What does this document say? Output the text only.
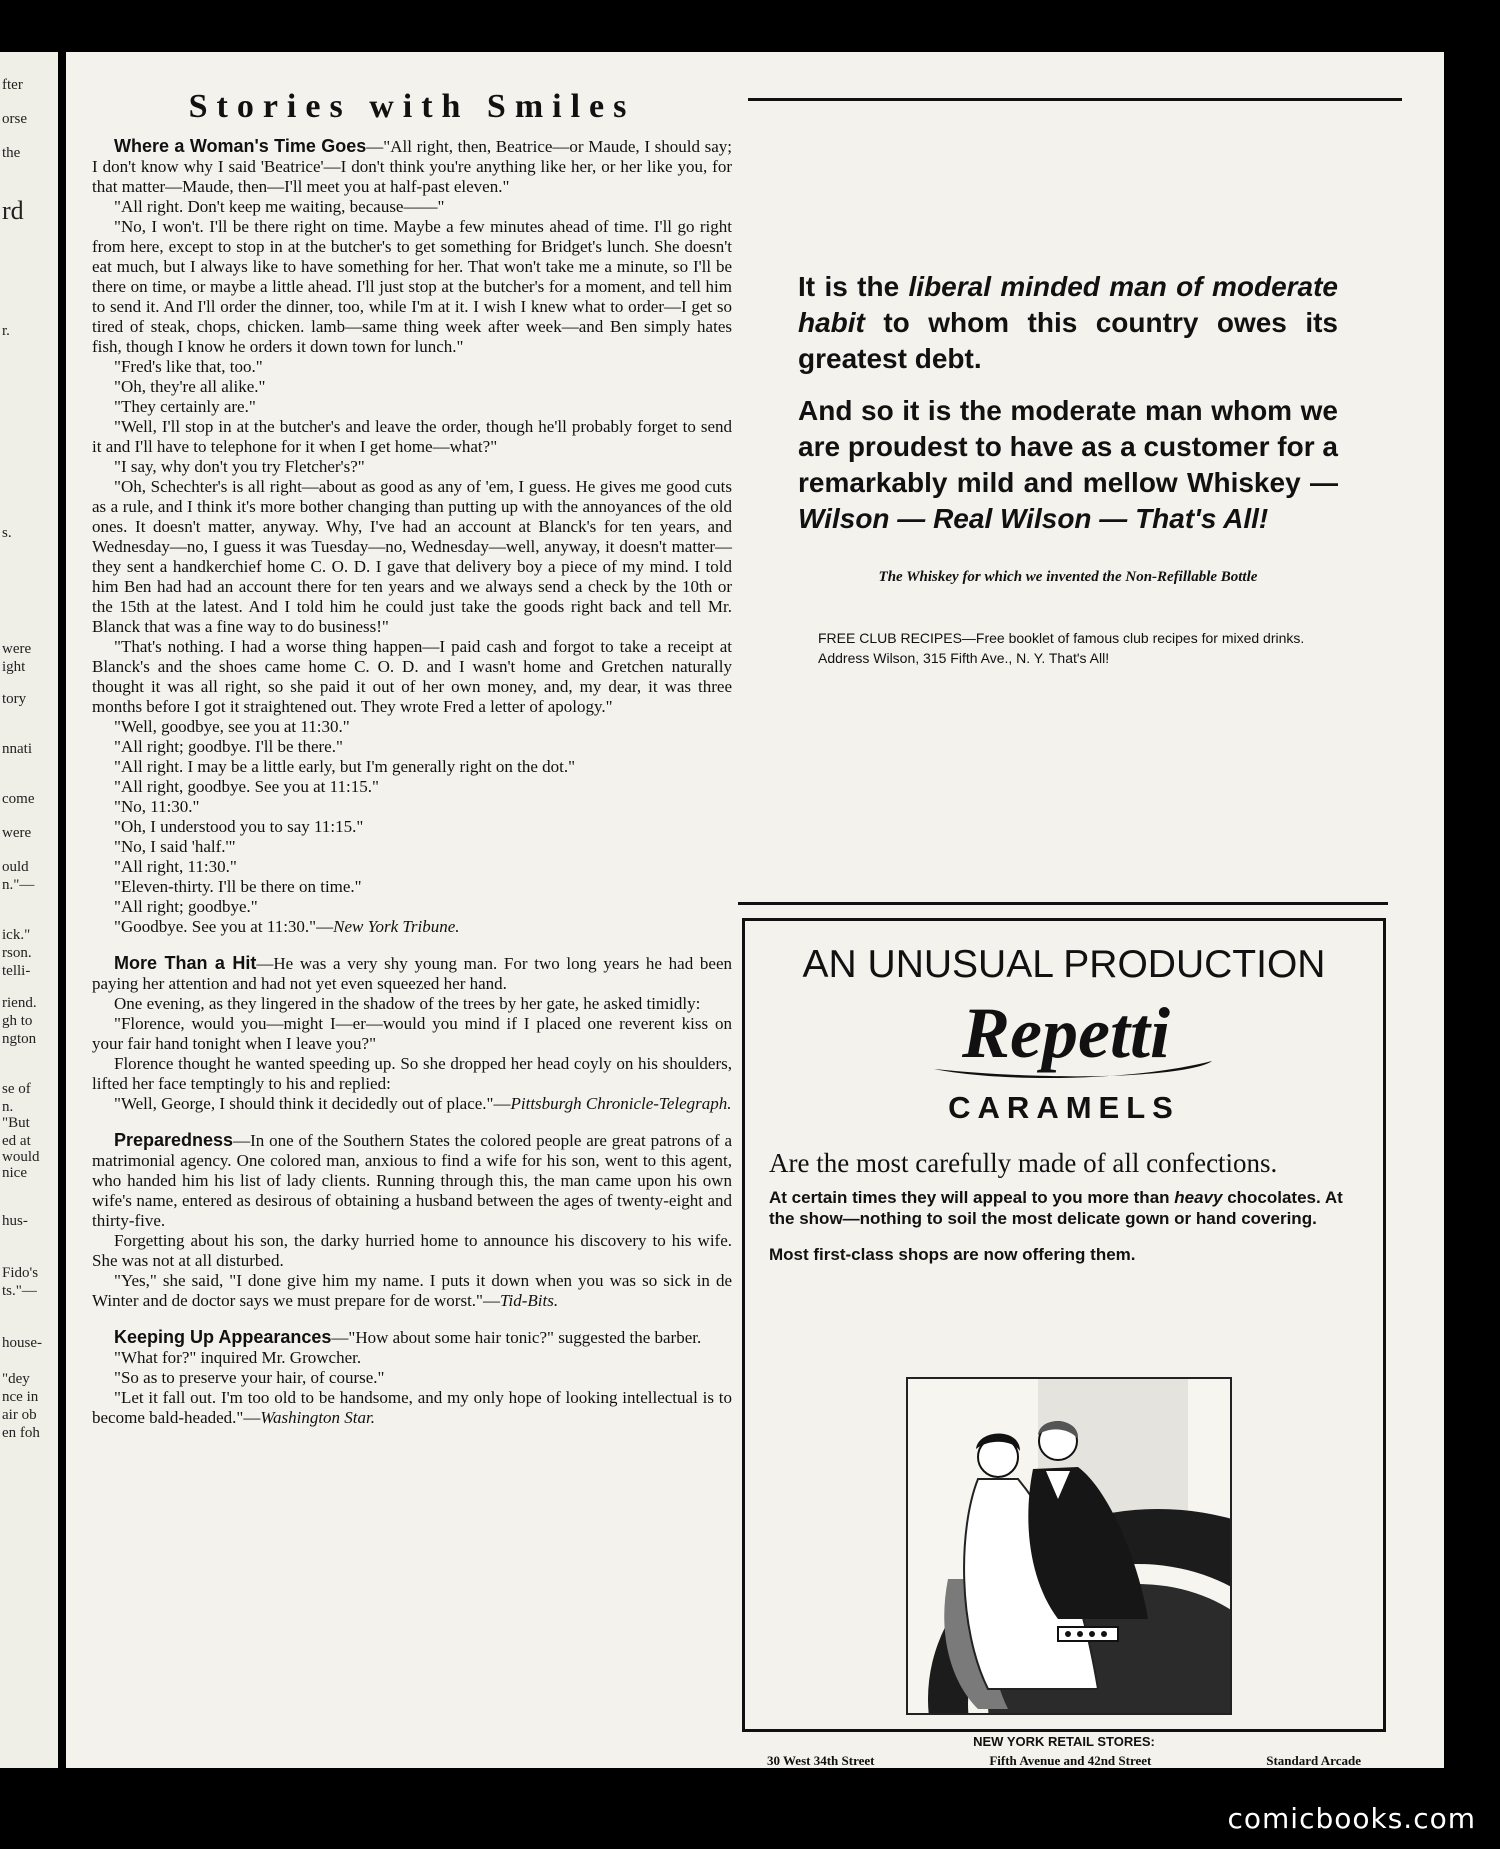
fter
orse
the
rd
r.
s.
were
ight
tory
nnati
come
were
ould
n."—
ick."
rson.
telli-
riend.
gh to
ngton
se of
n.
"But
ed at
would
nice
hus-
Fido's
ts."—
house-
"dey
nce in
air ob
en foh
Stories with Smiles

Where a Woman's Time Goes—"All right, then, Beatrice—or Maude, I should say; I don't know why I said 'Beatrice'—I don't think you're anything like her, or her like you, for that matter—Maude, then—I'll meet you at half-past eleven."

"All right. Don't keep me waiting, because——"

"No, I won't. I'll be there right on time. Maybe a few minutes ahead of time. I'll go right from here, except to stop in at the butcher's to get something for Bridget's lunch. She doesn't eat much, but I always like to have something for her. That won't take me a minute, so I'll be there on time, or maybe a little ahead. I'll just stop at the butcher's for a moment, and tell him to send it. And I'll order the dinner, too, while I'm at it. I wish I knew what to order—I get so tired of steak, chops, chicken. lamb—same thing week after week—and Ben simply hates fish, though I know he orders it down town for lunch."

"Fred's like that, too."

"Oh, they're all alike."

"They certainly are."

"Well, I'll stop in at the butcher's and leave the order, though he'll probably forget to send it and I'll have to telephone for it when I get home—what?"

"I say, why don't you try Fletcher's?"

"Oh, Schechter's is all right—about as good as any of 'em, I guess. He gives me good cuts as a rule, and I think it's more bother changing than putting up with the annoyances of the old ones. It doesn't matter, anyway. Why, I've had an account at Blanck's for ten years, and Wednesday—no, I guess it was Tuesday—no, Wednesday—well, anyway, it doesn't matter—they sent a handkerchief home C. O. D. I gave that delivery boy a piece of my mind. I told him Ben had had an account there for ten years and we always send a check by the 10th or the 15th at the latest. And I told him he could just take the goods right back and tell Mr. Blanck that was a fine way to do business!"

"That's nothing. I had a worse thing happen—I paid cash and forgot to take a receipt at Blanck's and the shoes came home C. O. D. and I wasn't home and Gretchen naturally thought it was all right, so she paid it out of her own money, and, my dear, it was three months before I got it straightened out. They wrote Fred a letter of apology."

"Well, goodbye, see you at 11:30."

"All right; goodbye. I'll be there."

"All right. I may be a little early, but I'm generally right on the dot."

"All right, goodbye. See you at 11:15."

"No, 11:30."

"Oh, I understood you to say 11:15."

"No, I said 'half.'"

"All right, 11:30."

"Eleven-thirty. I'll be there on time."

"All right; goodbye."

"Goodbye. See you at 11:30."—New York Tribune.

More Than a Hit—He was a very shy young man. For two long years he had been paying her attention and had not yet even squeezed her hand.

One evening, as they lingered in the shadow of the trees by her gate, he asked timidly:

"Florence, would you—might I—er—would you mind if I placed one reverent kiss on your fair hand tonight when I leave you?"

Florence thought he wanted speeding up. So she dropped her head coyly on his shoulders, lifted her face temptingly to his and replied:

"Well, George, I should think it decidedly out of place."—Pittsburgh Chronicle-Telegraph.

Preparedness—In one of the Southern States the colored people are great patrons of a matrimonial agency. One colored man, anxious to find a wife for his son, went to this agent, who handed him his list of lady clients. Running through this, the man came upon his own wife's name, entered as desirous of obtaining a husband between the ages of twenty-eight and thirty-five.

Forgetting about his son, the darky hurried home to announce his discovery to his wife. She was not at all disturbed.

"Yes," she said, "I done give him my name. I puts it down when you was so sick in de Winter and de doctor says we must prepare for de worst."—Tid-Bits.

Keeping Up Appearances—"How about some hair tonic?" suggested the barber.

"What for?" inquired Mr. Growcher.

"So as to preserve your hair, of course."

"Let it fall out. I'm too old to be handsome, and my only hope of looking intellectual is to become bald-headed."—Washington Star.

It is the liberal minded man of moderate habit to whom this country owes its greatest debt.

And so it is the moderate man whom we are proudest to have as a customer for a remarkably mild and mellow Whiskey — Wilson — Real Wilson — That's All!

The Whiskey for which we invented the Non-Refillable Bottle
FREE CLUB RECIPES—Free booklet of famous club recipes for mixed drinks. Address Wilson, 315 Fifth Ave., N. Y. That's All!
AN UNUSUAL PRODUCTION
Repetti
CARAMELS
Are the most carefully made of all confections.
At certain times they will appeal to you more than heavy chocolates. At the show—nothing to soil the most delicate gown or hand covering.
Most first-class shops are now offering them.
NEW YORK RETAIL STORES:
30 West 34th Street	Fifth Avenue and 42nd Street	Standard Arcade
comicbooks.com
